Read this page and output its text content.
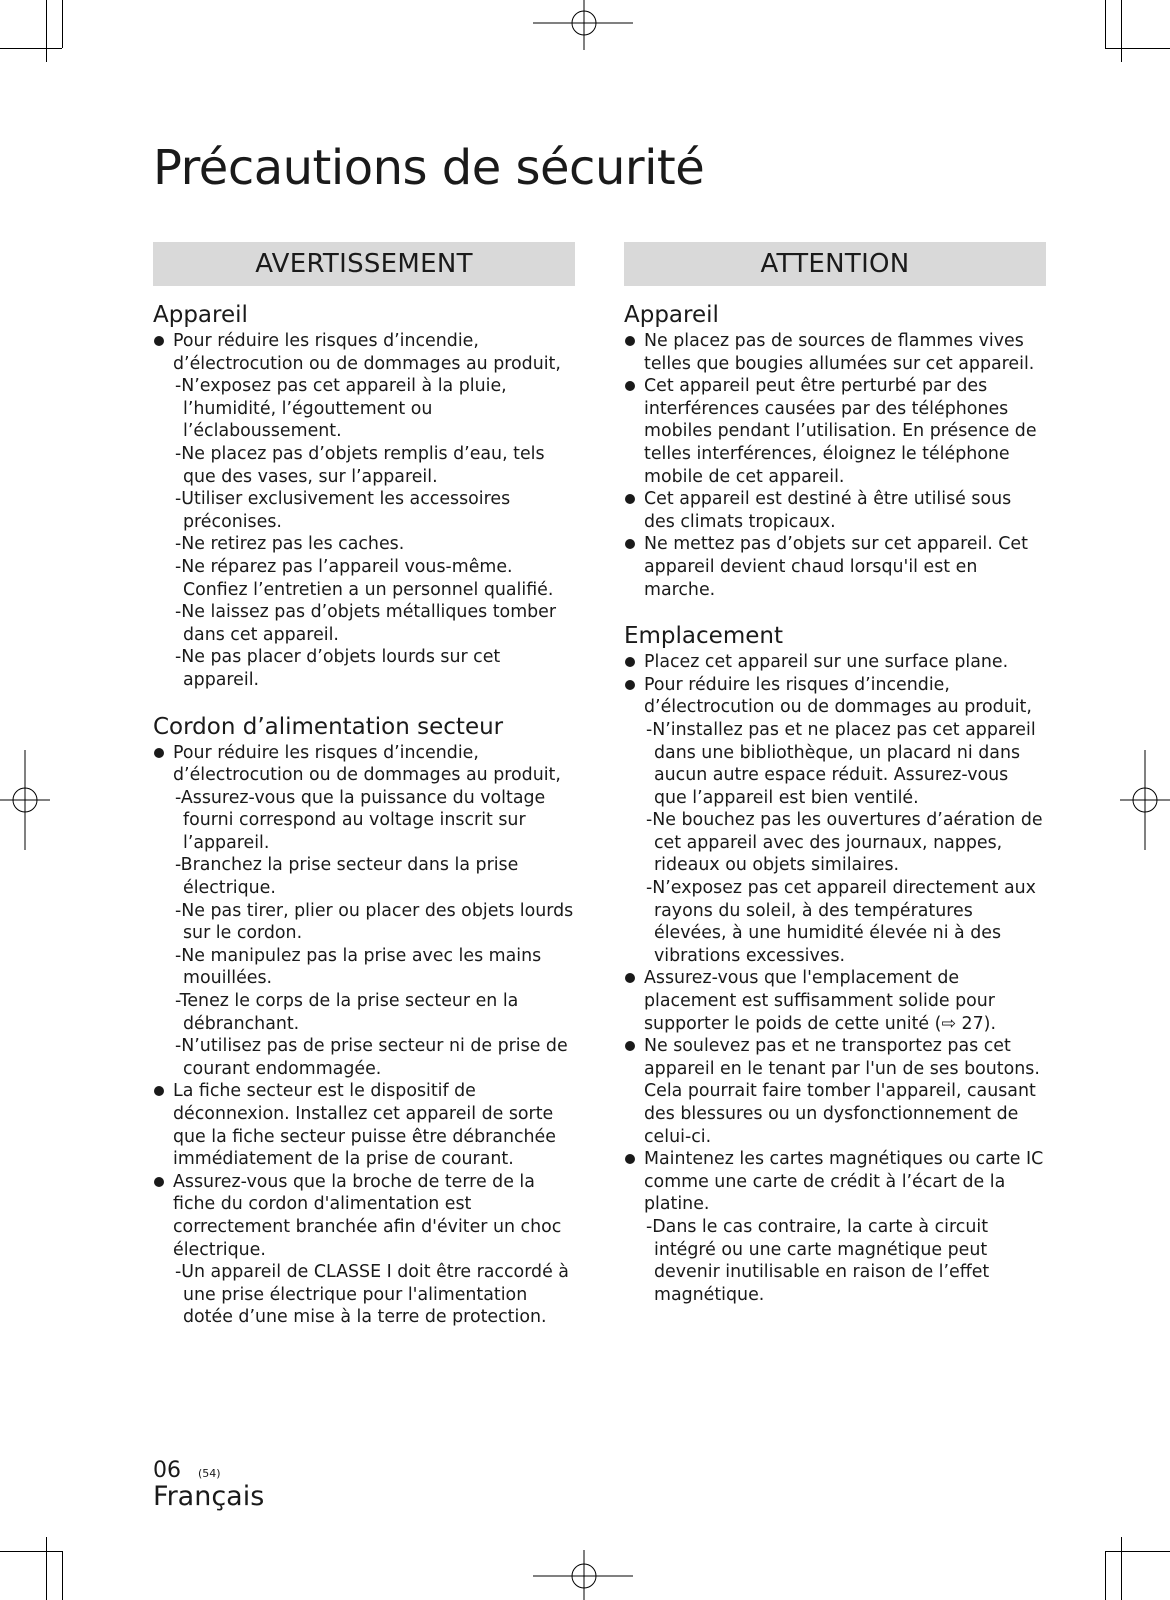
Précautions de sécurité
AVERTISSEMENT
Appareil
Pour réduire les risques d’incendie, d’électrocution ou de dommages au produit,
-N’exposez pas cet appareil à la pluie, l’humidité, l’égouttement ou l’éclaboussement.
-Ne placez pas d’objets remplis d’eau, tels que des vases, sur l’appareil.
-Utiliser exclusivement les accessoires préconises.
-Ne retirez pas les caches.
-Ne réparez pas l’appareil vous-même. Confiez l’entretien a un personnel qualifié.
-Ne laissez pas d’objets métalliques tomber dans cet appareil.
-Ne pas placer d’objets lourds sur cet appareil.
Cordon d’alimentation secteur
Pour réduire les risques d’incendie, d’électrocution ou de dommages au produit,
-Assurez-vous que la puissance du voltage fourni correspond au voltage inscrit sur l’appareil.
-Branchez la prise secteur dans la prise électrique.
-Ne pas tirer, plier ou placer des objets lourds sur le cordon.
-Ne manipulez pas la prise avec les mains mouillées.
-Tenez le corps de la prise secteur en la débranchant.
-N’utilisez pas de prise secteur ni de prise de courant endommagée.
La fiche secteur est le dispositif de déconnexion. Installez cet appareil de sorte que la fiche secteur puisse être débranchée immédiatement de la prise de courant.
Assurez-vous que la broche de terre de la fiche du cordon d'alimentation est correctement branchée afin d'éviter un choc électrique.
-Un appareil de CLASSE I doit être raccordé à une prise électrique pour l'alimentation dotée d’une mise à la terre de protection.
ATTENTION
Appareil
Ne placez pas de sources de flammes vives telles que bougies allumées sur cet appareil.
Cet appareil peut être perturbé par des interférences causées par des téléphones mobiles pendant l’utilisation. En présence de telles interférences, éloignez le téléphone mobile de cet appareil.
Cet appareil est destiné à être utilisé sous des climats tropicaux.
Ne mettez pas d’objets sur cet appareil. Cet appareil devient chaud lorsqu'il est en marche.
Emplacement
Placez cet appareil sur une surface plane.
Pour réduire les risques d’incendie, d’électrocution ou de dommages au produit,
-N’installez pas et ne placez pas cet appareil dans une bibliothèque, un placard ni dans aucun autre espace réduit. Assurez-vous que l’appareil est bien ventilé.
-Ne bouchez pas les ouvertures d’aération de cet appareil avec des journaux, nappes, rideaux ou objets similaires.
-N’exposez pas cet appareil directement aux rayons du soleil, à des températures élevées, à une humidité élevée ni à des vibrations excessives.
Assurez-vous que l'emplacement de placement est suffisamment solide pour supporter le poids de cette unité (⇨ 27).
Ne soulevez pas et ne transportez pas cet appareil en le tenant par l'un de ses boutons. Cela pourrait faire tomber l'appareil, causant des blessures ou un dysfonctionnement de celui-ci.
Maintenez les cartes magnétiques ou carte IC comme une carte de crédit à l’écart de la platine.
-Dans le cas contraire, la carte à circuit intégré ou une carte magnétique peut devenir inutilisable en raison de l’effet magnétique.
06 (54)
Français
